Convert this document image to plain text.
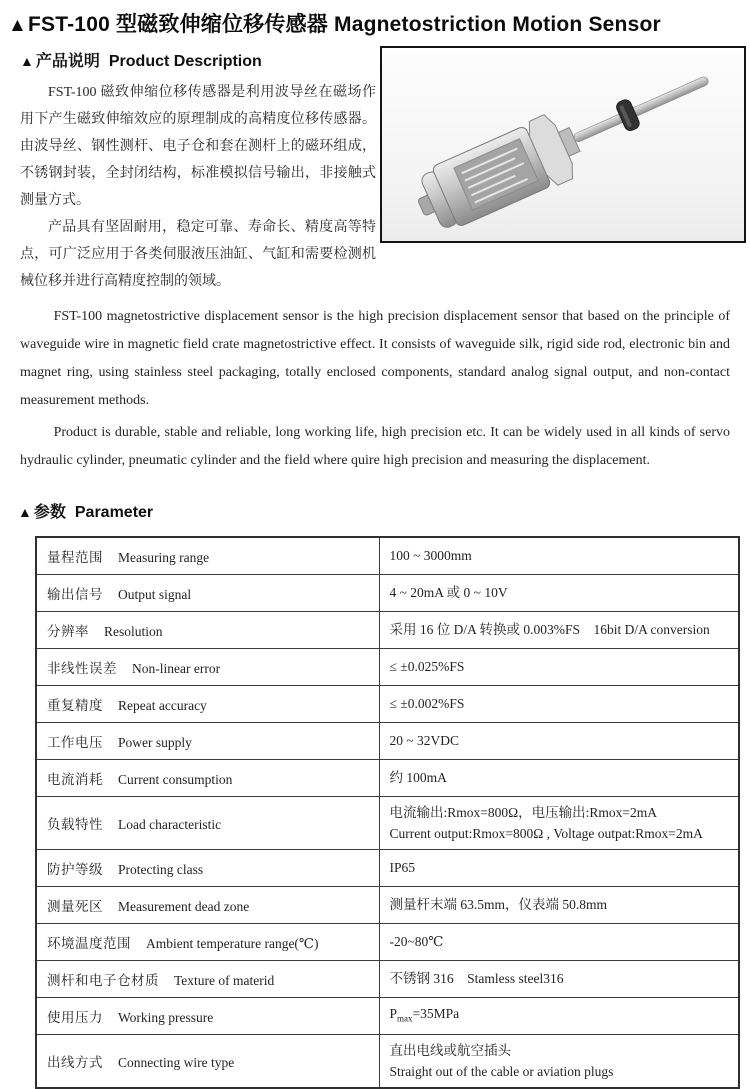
▲FST-100 型磁致伸缩位移传感器 Magnetostriction Motion Sensor
▲ 产品说明 Product Description

FST-100 磁致伸缩位移传感器是利用波导丝在磁场作用下产生磁致伸缩效应的原理制成的高精度位移传感器。由波导丝、钢性测杆、电子仓和套在测杆上的磁环组成，不锈钢封装，全封闭结构，标准模拟信号输出，非接触式测量方式。

产品具有坚固耐用，稳定可靠、寿命长、精度高等特点，可广泛应用于各类伺服液压油缸、气缸和需要检测机械位移并进行高精度控制的领域。

FST-100 magnetostrictive displacement sensor is the high precision displacement sensor that based on the principle of waveguide wire in magnetic field crate magnetostrictive effect. It consists of waveguide silk, rigid side rod, electronic bin and magnet ring, using stainless steel packaging, totally enclosed components, standard analog signal output, and non-contact measurement methods.

Product is durable, stable and reliable, long working life, high precision etc. It can be widely used in all kinds of servo hydraulic cylinder, pneumatic cylinder and the field where quire high precision and measuring the displacement.

▲ 参数 Parameter
量程范围 Measuring range	100 ~ 3000mm

输出信号 Output signal	4 ~ 20mA 或 0 ~ 10V

分辨率 Resolution	采用 16 位 D/A 转换或 0.003%FS    16bit D/A conversion

非线性误差 Non-linear error	≤ ±0.025%FS

重复精度 Repeat accuracy	≤ ±0.002%FS

工作电压 Power supply	20 ~ 32VDC

电流消耗 Current consumption	约 100mA

负载特性 Load characteristic	电流输出:Rmox=800Ω，电压输出:Rmox=2mA
Current output:Rmox=800Ω , Voltage outpat:Rmox=2mA

防护等级 Protecting class	IP65

测量死区 Measurement dead zone	测量杆末端 63.5mm，仪表端 50.8mm

环境温度范围 Ambient temperature range(℃)	-20~80℃

测杆和电子仓材质 Texture of materid	不锈钢 316    Stamless steel316

使用压力 Working pressure	$P_{max}=35MPa$

出线方式 Connecting wire type	直出电线或航空插头
Straight out of the cable or aviation plugs
